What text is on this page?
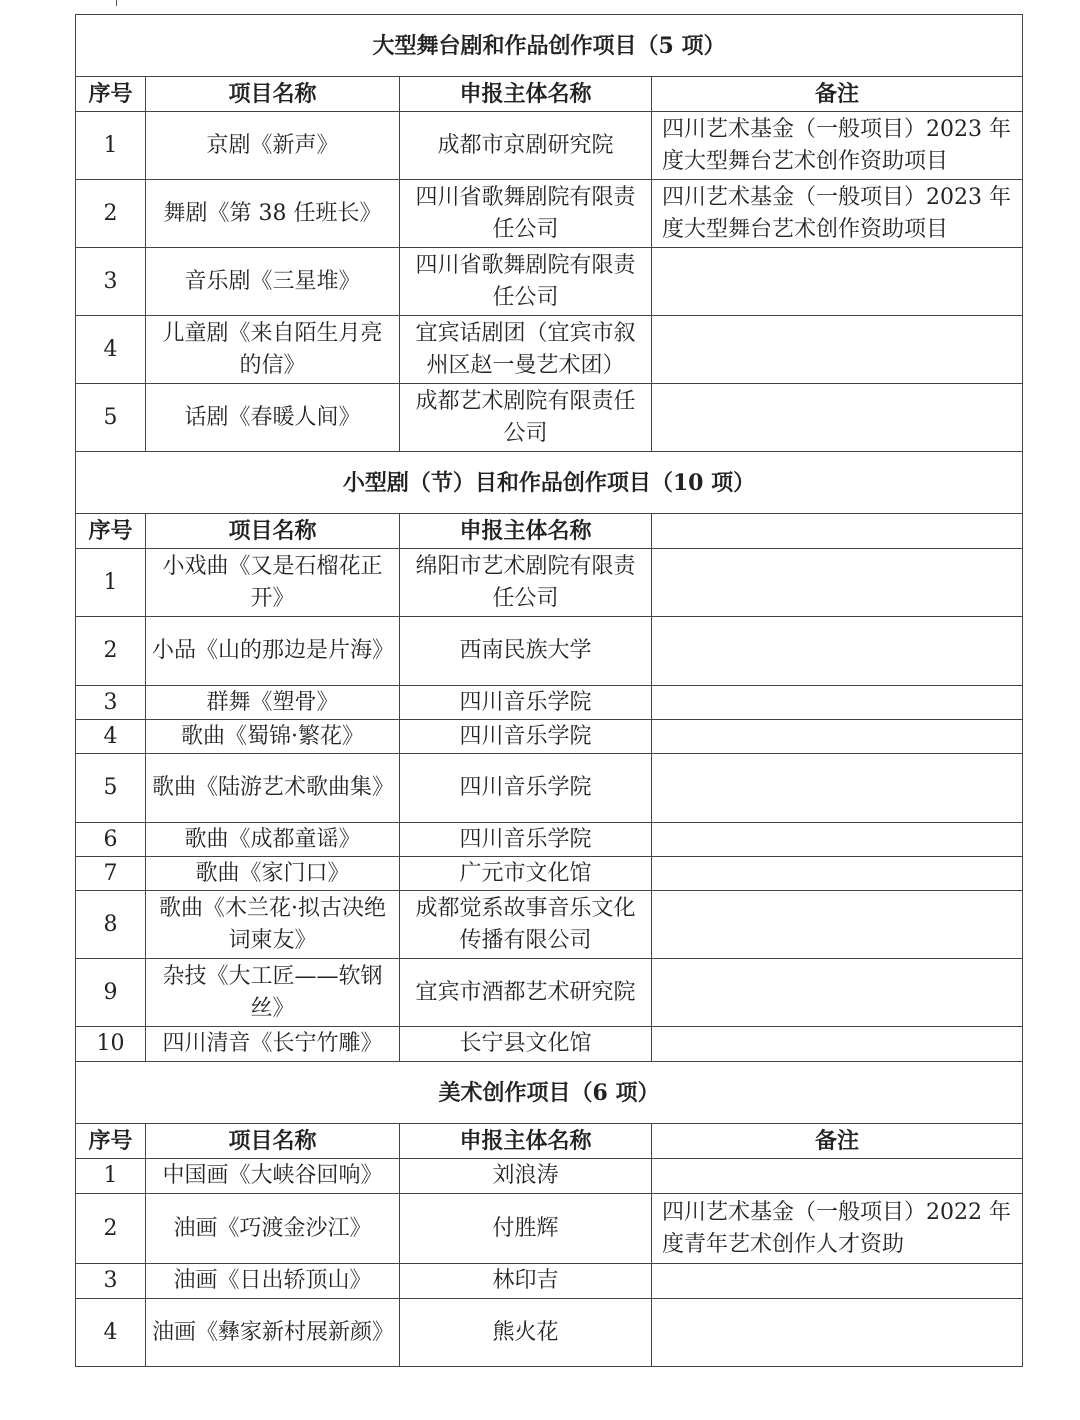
大型舞台剧和作品创作项目（5 项）			
序号	项目名称	申报主体名称	备注
1	京剧《新声》	成都市京剧研究院	四川艺术基金（一般项目）2023 年度大型舞台艺术创作资助项目
2	舞剧《第 38 任班长》	四川省歌舞剧院有限责任公司	四川艺术基金（一般项目）2023 年度大型舞台艺术创作资助项目
3	音乐剧《三星堆》	四川省歌舞剧院有限责任公司	
4	儿童剧《来自陌生月亮的信》	宜宾话剧团（宜宾市叙州区赵一曼艺术团）	
5	话剧《春暖人间》	成都艺术剧院有限责任公司	
小型剧（节）目和作品创作项目（10 项）			
序号	项目名称	申报主体名称	
1	小戏曲《又是石榴花正开》	绵阳市艺术剧院有限责任公司	
2	小品《山的那边是片海》	西南民族大学	
3	群舞《塑骨》	四川音乐学院	
4	歌曲《蜀锦·繁花》	四川音乐学院	
5	歌曲《陆游艺术歌曲集》	四川音乐学院	
6	歌曲《成都童谣》	四川音乐学院	
7	歌曲《家门口》	广元市文化馆	
8	歌曲《木兰花·拟古决绝词柬友》	成都觉系故事音乐文化传播有限公司	
9	杂技《大工匠——软钢丝》	宜宾市酒都艺术研究院	
10	四川清音《长宁竹雕》	长宁县文化馆	
美术创作项目（6 项）			
序号	项目名称	申报主体名称	备注
1	中国画《大峡谷回响》	刘浪涛	
2	油画《巧渡金沙江》	付胜辉	四川艺术基金（一般项目）2022 年度青年艺术创作人才资助
3	油画《日出轿顶山》	林印吉	
4	油画《彝家新村展新颜》	熊火花	
